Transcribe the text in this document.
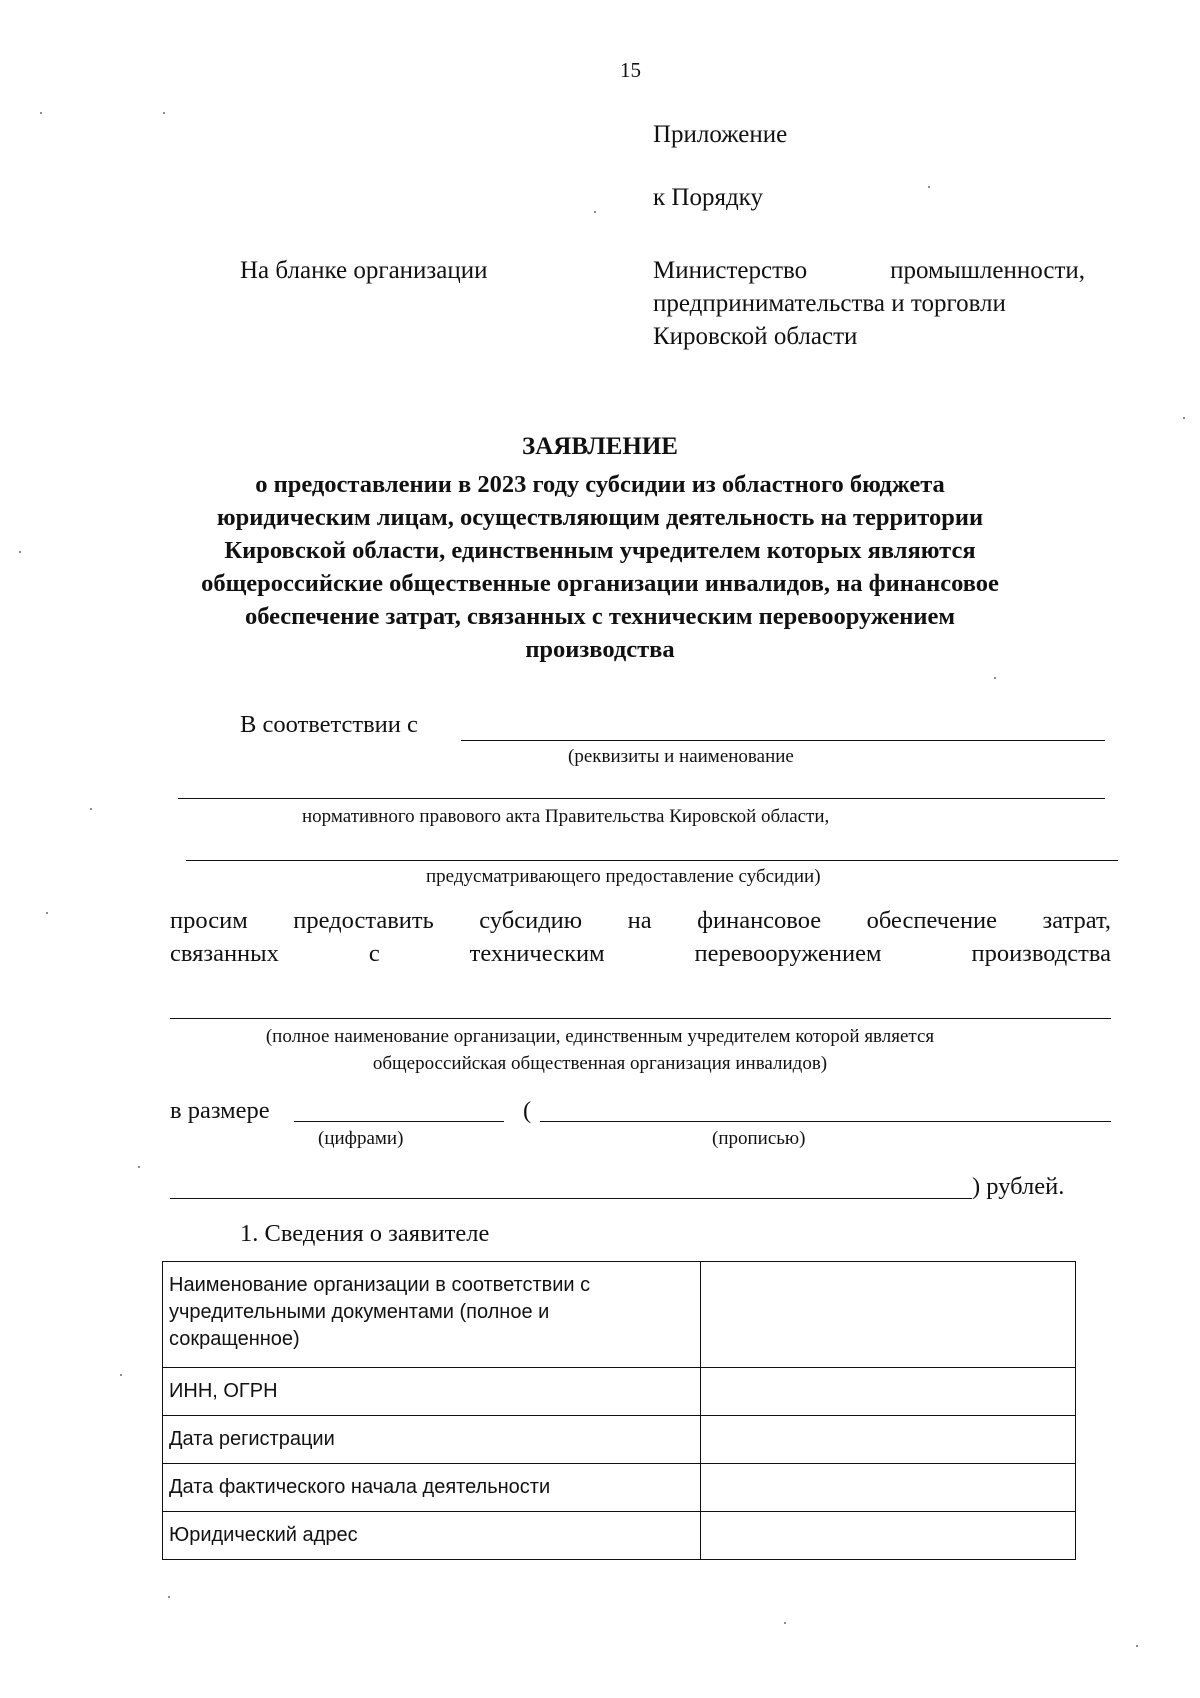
15
Приложение
к Порядку
На бланке организации	Министерство	промышленности,
предпринимательства и торговли
Кировской области
ЗАЯВЛЕНИЕ
о предоставлении в 2023 году субсидии из областного бюджета
юридическим лицам, осуществляющим деятельность на территории
Кировской области, единственным учредителем которых являются
общероссийские общественные организации инвалидов, на финансовое
обеспечение затрат, связанных с техническим перевооружением
производства
В соответствии с
(реквизиты и наименование
нормативного правового акта Правительства Кировской области,
предусматривающего предоставление субсидии)
просим предоставить субсидию на финансовое обеспечение затрат,
связанных	с	техническим	перевооружением	производства
(полное наименование организации, единственным учредителем которой является
общероссийская общественная организация инвалидов)
в размере	(
(цифрами)	(прописью)
) рублей.
1. Сведения о заявителе
Наименование организации в соответствии с
учредительными документами (полное и
сокращенное)	

ИНН, ОГРН	

Дата регистрации	

Дата фактического начала деятельности	

Юридический адрес	
